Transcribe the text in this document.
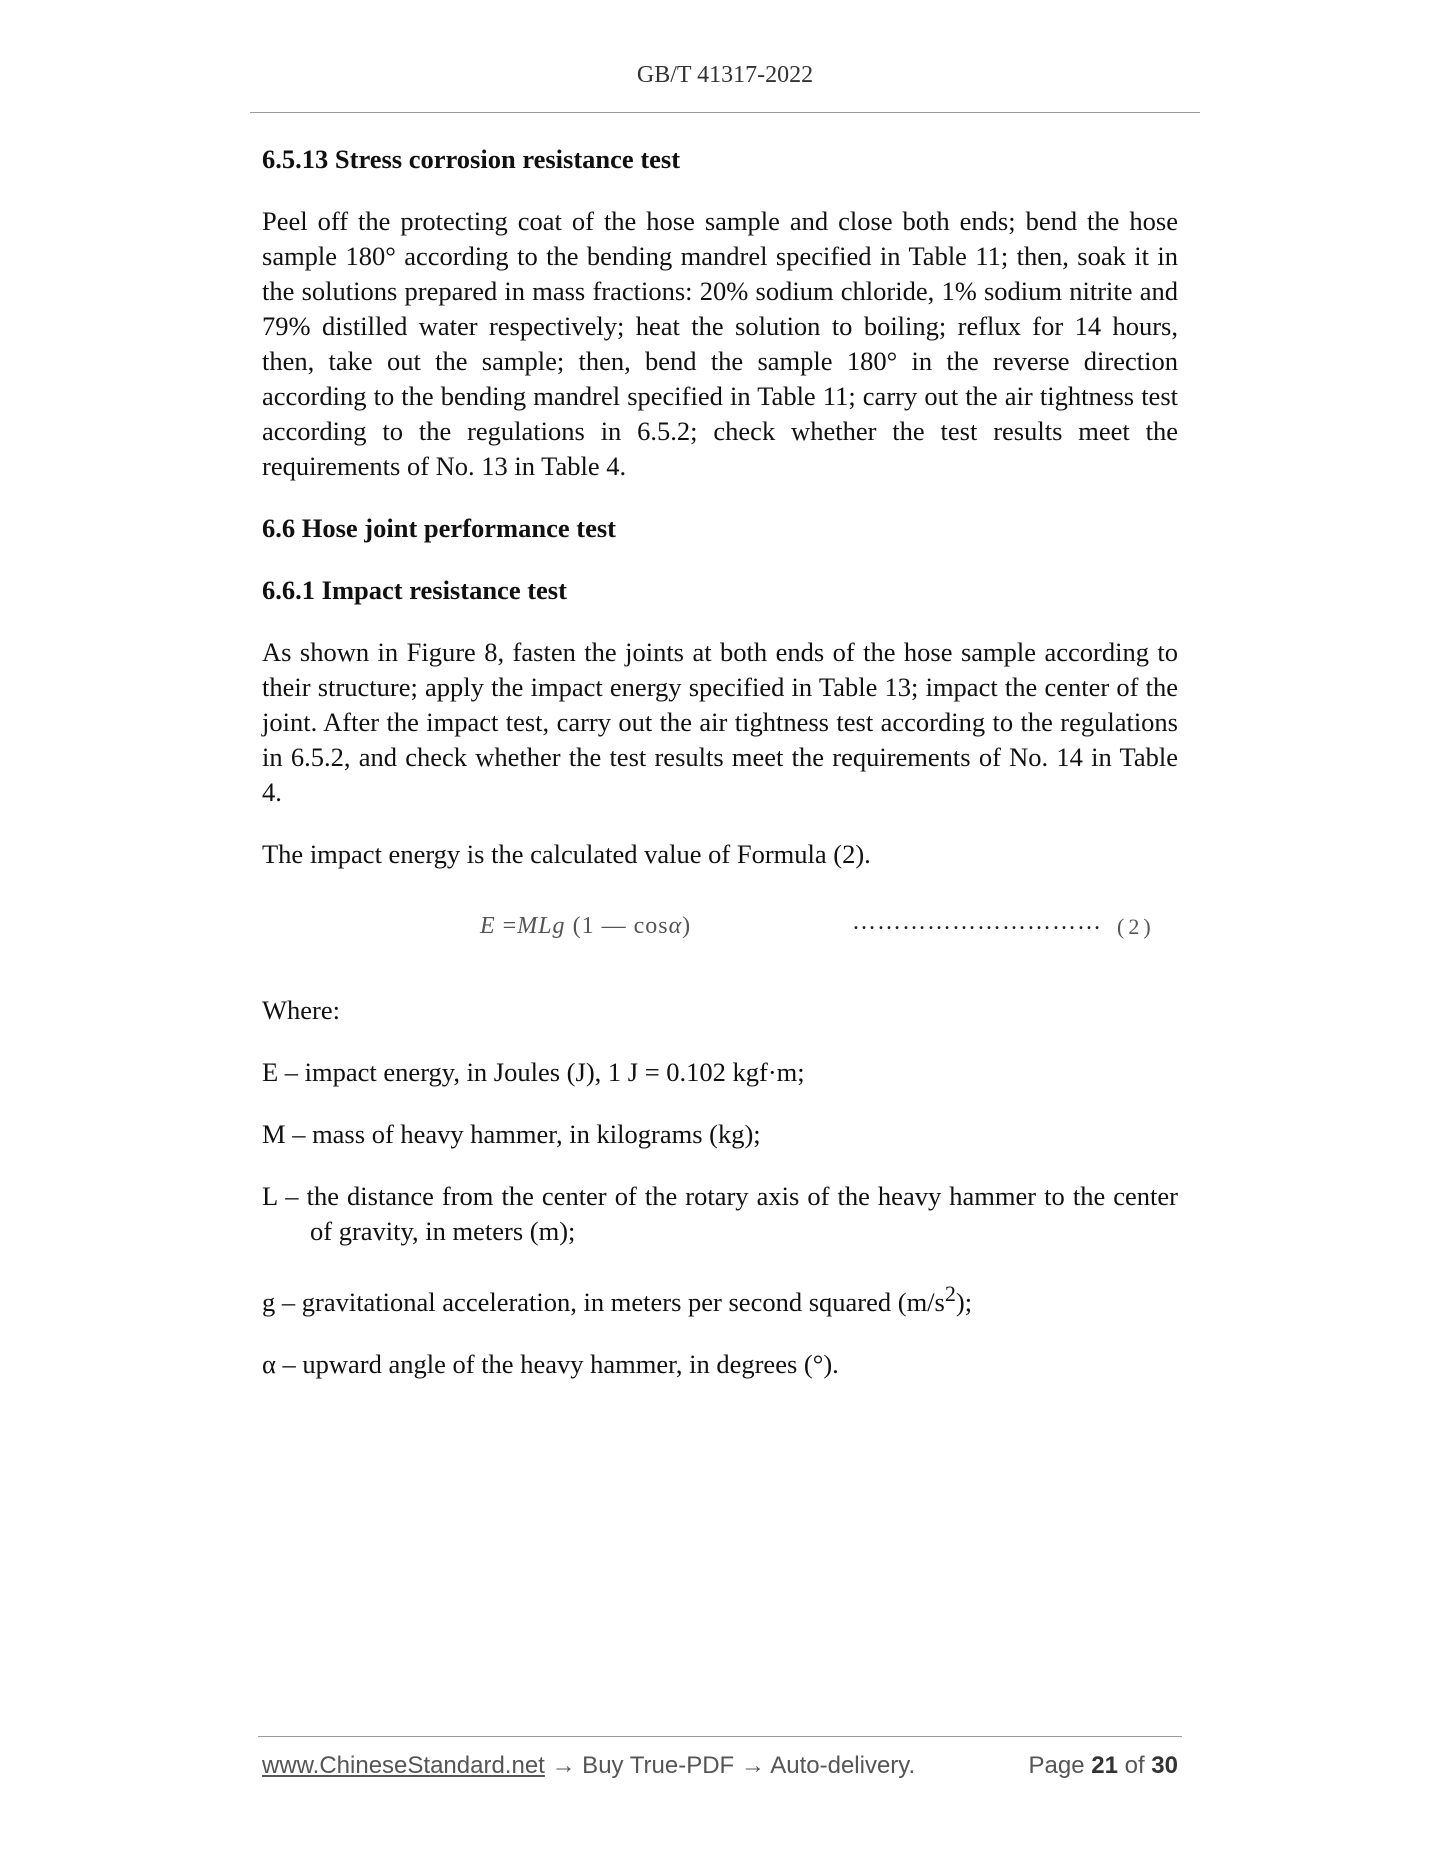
GB/T 41317-2022
6.5.13 Stress corrosion resistance test

Peel off the protecting coat of the hose sample and close both ends; bend the hose sample 180° according to the bending mandrel specified in Table 11; then, soak it in the solutions prepared in mass fractions: 20% sodium chloride, 1% sodium nitrite and 79% distilled water respectively; heat the solution to boiling; reflux for 14 hours, then, take out the sample; then, bend the sample 180° in the reverse direction according to the bending mandrel specified in Table 11; carry out the air tightness test according to the regulations in 6.5.2; check whether the test results meet the requirements of No. 13 in Table 4.

6.6 Hose joint performance test
6.6.1 Impact resistance test

As shown in Figure 8, fasten the joints at both ends of the hose sample according to their structure; apply the impact energy specified in Table 13; impact the center of the joint. After the impact test, carry out the air tightness test according to the regulations in 6.5.2, and check whether the test results meet the requirements of No. 14 in Table 4.

The impact energy is the calculated value of Formula (2).

E =MLg (1 — cosα)	………………………… (2)

Where:

E – impact energy, in Joules (J), 1 J = 0.102 kgf·m;

M – mass of heavy hammer, in kilograms (kg);

L – the distance from the center of the rotary axis of the heavy hammer to the center of gravity, in meters (m);

g – gravitational acceleration, in meters per second squared $(m/s^2)$;

α – upward angle of the heavy hammer, in degrees (°).

www.ChineseStandard.net → Buy True-PDF → Auto-delivery.	Page 21 of 30
